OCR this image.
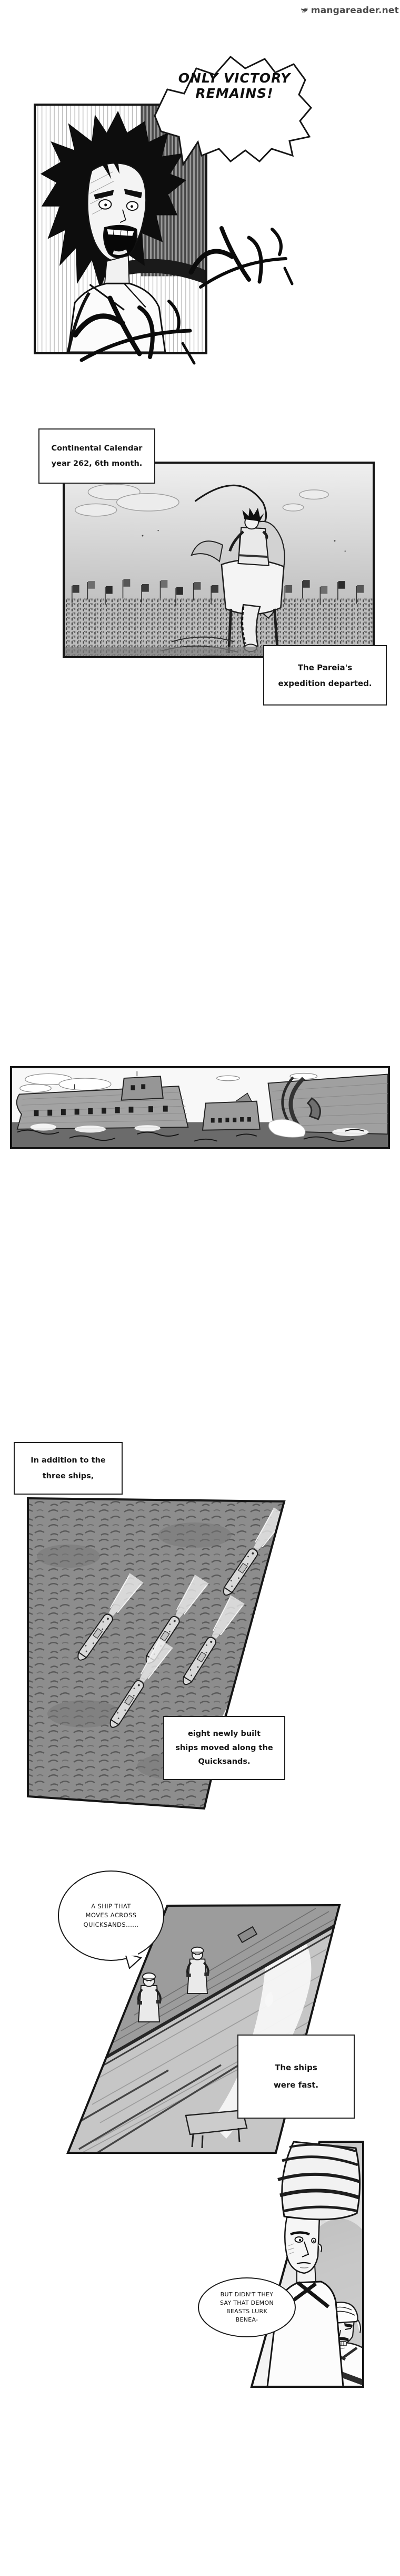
mangareader.net
ONLY VICTORY REMAINS!
Continental Calendar
year 262, 6th month.
The Pareia's
expedition departed.
In addition to the
three ships,
eight newly built
ships moved along the
Quicksands.
A SHIP THAT
MOVES ACROSS
QUICKSANDS......
The ships
were fast.
BUT DIDN'T THEY
SAY THAT DEMON
BEASTS LURK
BENEA-
